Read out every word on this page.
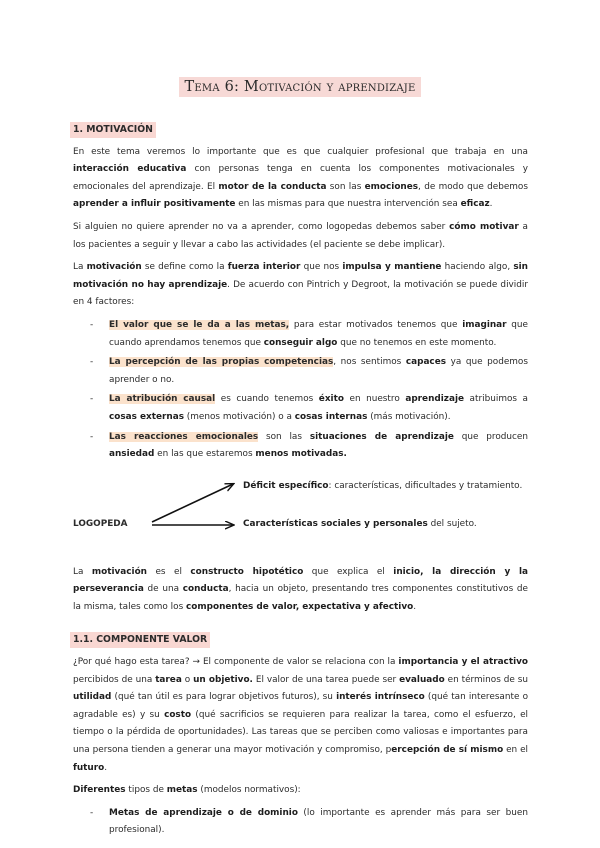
Tema 6: Motivación y aprendizaje
1. MOTIVACIÓN

En este tema veremos lo importante que es que cualquier profesional que trabaja en una interacción educativa con personas tenga en cuenta los componentes motivacionales y emocionales del aprendizaje. El motor de la conducta son las emociones, de modo que debemos aprender a influir positivamente en las mismas para que nuestra intervención sea eficaz.

Si alguien no quiere aprender no va a aprender, como logopedas debemos saber cómo motivar a los pacientes a seguir y llevar a cabo las actividades (el paciente se debe implicar).

La motivación se define como la fuerza interior que nos impulsa y mantiene haciendo algo, sin motivación no hay aprendizaje. De acuerdo con Pintrich y Degroot, la motivación se puede dividir en 4 factores:

- El valor que se le da a las metas, para estar motivados tenemos que imaginar que cuando aprendamos tenemos que conseguir algo que no tenemos en este momento.
- La percepción de las propias competencias, nos sentimos capaces ya que podemos aprender o no.
- La atribución causal es cuando tenemos éxito en nuestro aprendizaje atribuimos a cosas externas (menos motivación) o a cosas internas (más motivación).
- Las reacciones emocionales son las situaciones de aprendizaje que producen ansiedad en las que estaremos menos motivadas.
LOGOPEDA
Déficit específico: características, dificultades y tratamiento.
Características sociales y personales del sujeto.

La motivación es el constructo hipotético que explica el inicio, la dirección y la perseverancia de una conducta, hacia un objeto, presentando tres componentes constitutivos de la misma, tales como los componentes de valor, expectativa y afectivo.

1.1. COMPONENTE VALOR

¿Por qué hago esta tarea? → El componente de valor se relaciona con la importancia y el atractivo percibidos de una tarea o un objetivo. El valor de una tarea puede ser evaluado en términos de su utilidad (qué tan útil es para lograr objetivos futuros), su interés intrínseco (qué tan interesante o agradable es) y su costo (qué sacrificios se requieren para realizar la tarea, como el esfuerzo, el tiempo o la pérdida de oportunidades). Las tareas que se perciben como valiosas e importantes para una persona tienden a generar una mayor motivación y compromiso, percepción de sí mismo en el futuro.

Diferentes tipos de metas (modelos normativos):

- Metas de aprendizaje o de dominio (lo importante es aprender más para ser buen profesional).
